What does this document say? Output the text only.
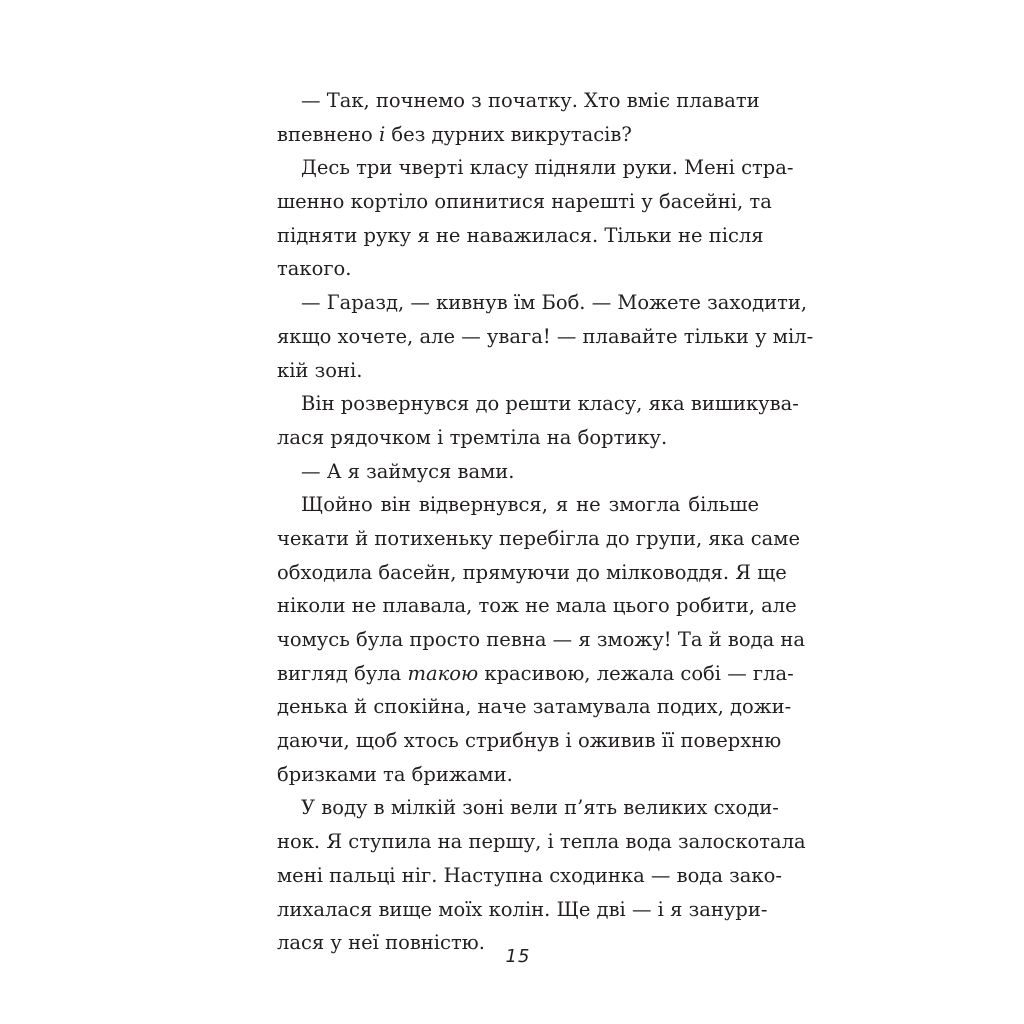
— Так, почнемо з початку. Хто вміє плавати
впевнено і без дурних викрутасів?
Десь три чверті класу підняли руки. Мені стра-
шенно кортіло опинитися нарешті у басейні, та
підняти руку я не наважилася. Тільки не після
такого.
— Гаразд, — кивнув їм Боб. — Можете заходити,
якщо хочете, але — увага! — плавайте тільки у міл-
кій зоні.
Він розвернувся до решти класу, яка вишикува-
лася рядочком і тремтіла на бортику.
— А я займуся вами.
Щойно він відвернувся, я не змогла більше
чекати й потихеньку перебігла до групи, яка саме
обходила басейн, прямуючи до мілководдя. Я ще
ніколи не плавала, тож не мала цього робити, але
чомусь була просто певна — я зможу! Та й вода на
вигляд була такою красивою, лежала собі — гла-
денька й спокійна, наче затамувала подих, дожи-
даючи, щоб хтось стрибнув і оживив її поверхню
бризками та брижами.
У воду в мілкій зоні вели п’ять великих сходи-
нок. Я ступила на першу, і тепла вода залоскотала
мені пальці ніг. Наступна сходинка — вода зако-
лихалася вище моїх колін. Ще дві — і я занури-
лася у неї повністю.
15
